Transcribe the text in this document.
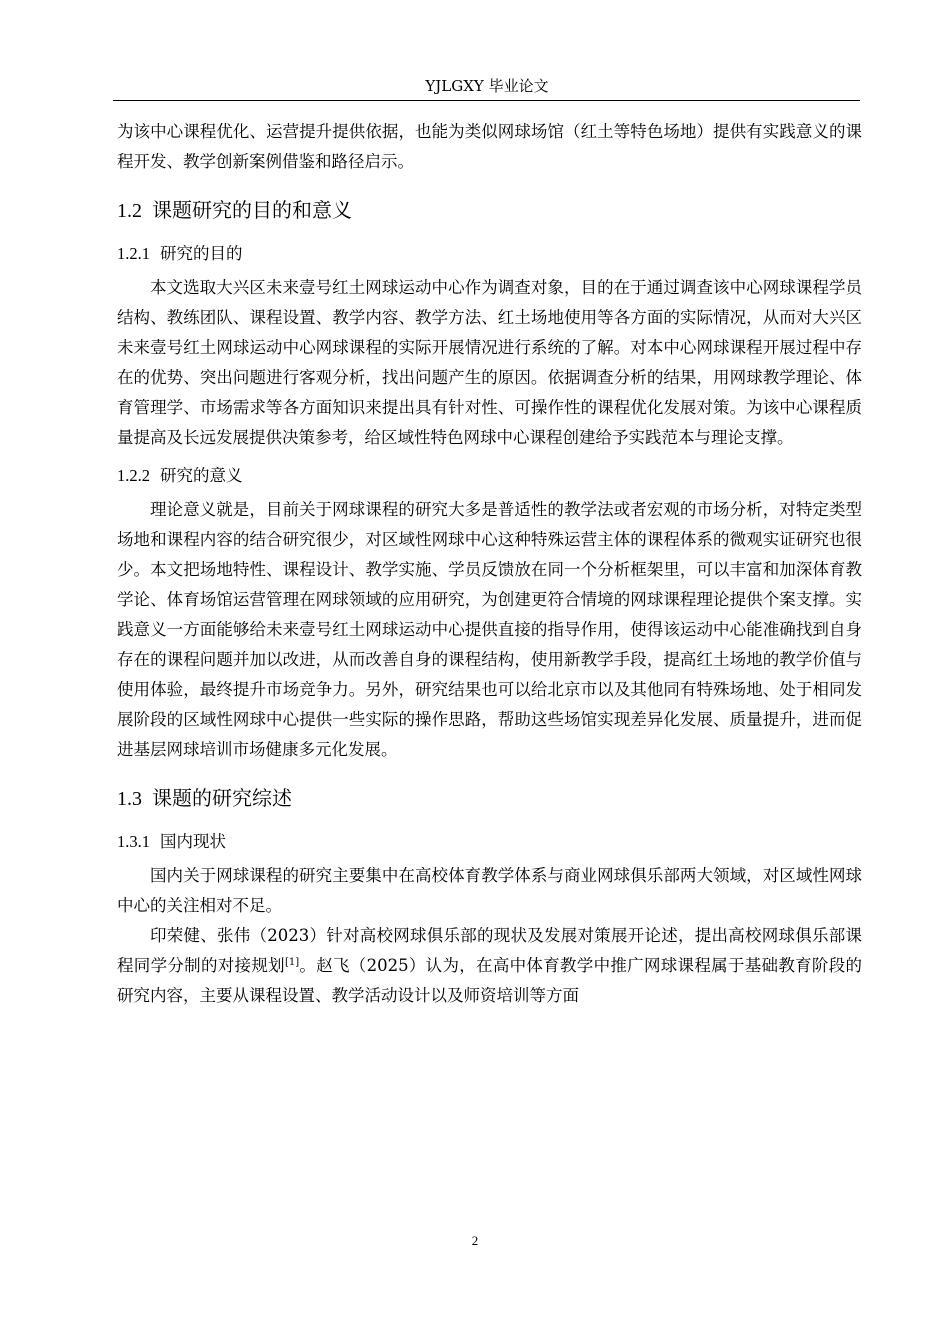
YJLGXY 毕业论文

为该中心课程优化、运营提升提供依据，也能为类似网球场馆（红土等特色场地）提供有实践意义的课程开发、教学创新案例借鉴和路径启示。

1.2 课题研究的目的和意义
1.2.1 研究的目的

本文选取大兴区未来壹号红土网球运动中心作为调查对象，目的在于通过调查该中心网球课程学员结构、教练团队、课程设置、教学内容、教学方法、红土场地使用等各方面的实际情况，从而对大兴区未来壹号红土网球运动中心网球课程的实际开展情况进行系统的了解。对本中心网球课程开展过程中存在的优势、突出问题进行客观分析，找出问题产生的原因。依据调查分析的结果，用网球教学理论、体育管理学、市场需求等各方面知识来提出具有针对性、可操作性的课程优化发展对策。为该中心课程质量提高及长远发展提供决策参考，给区域性特色网球中心课程创建给予实践范本与理论支撑。

1.2.2 研究的意义

理论意义就是，目前关于网球课程的研究大多是普适性的教学法或者宏观的市场分析，对特定类型场地和课程内容的结合研究很少，对区域性网球中心这种特殊运营主体的课程体系的微观实证研究也很少。本文把场地特性、课程设计、教学实施、学员反馈放在同一个分析框架里，可以丰富和加深体育教学论、体育场馆运营管理在网球领域的应用研究，为创建更符合情境的网球课程理论提供个案支撑。实践意义一方面能够给未来壹号红土网球运动中心提供直接的指导作用，使得该运动中心能准确找到自身存在的课程问题并加以改进，从而改善自身的课程结构，使用新教学手段，提高红土场地的教学价值与使用体验，最终提升市场竞争力。另外，研究结果也可以给北京市以及其他同有特殊场地、处于相同发展阶段的区域性网球中心提供一些实际的操作思路，帮助这些场馆实现差异化发展、质量提升，进而促进基层网球培训市场健康多元化发展。

1.3 课题的研究综述
1.3.1 国内现状

国内关于网球课程的研究主要集中在高校体育教学体系与商业网球俱乐部两大领域，对区域性网球中心的关注相对不足。

印荣健、张伟（2023）针对高校网球俱乐部的现状及发展对策展开论述，提出高校网球俱乐部课程同学分制的对接规划[1]。赵飞（2025）认为，在高中体育教学中推广网球课程属于基础教育阶段的研究内容，主要从课程设置、教学活动设计以及师资培训等方面

2
